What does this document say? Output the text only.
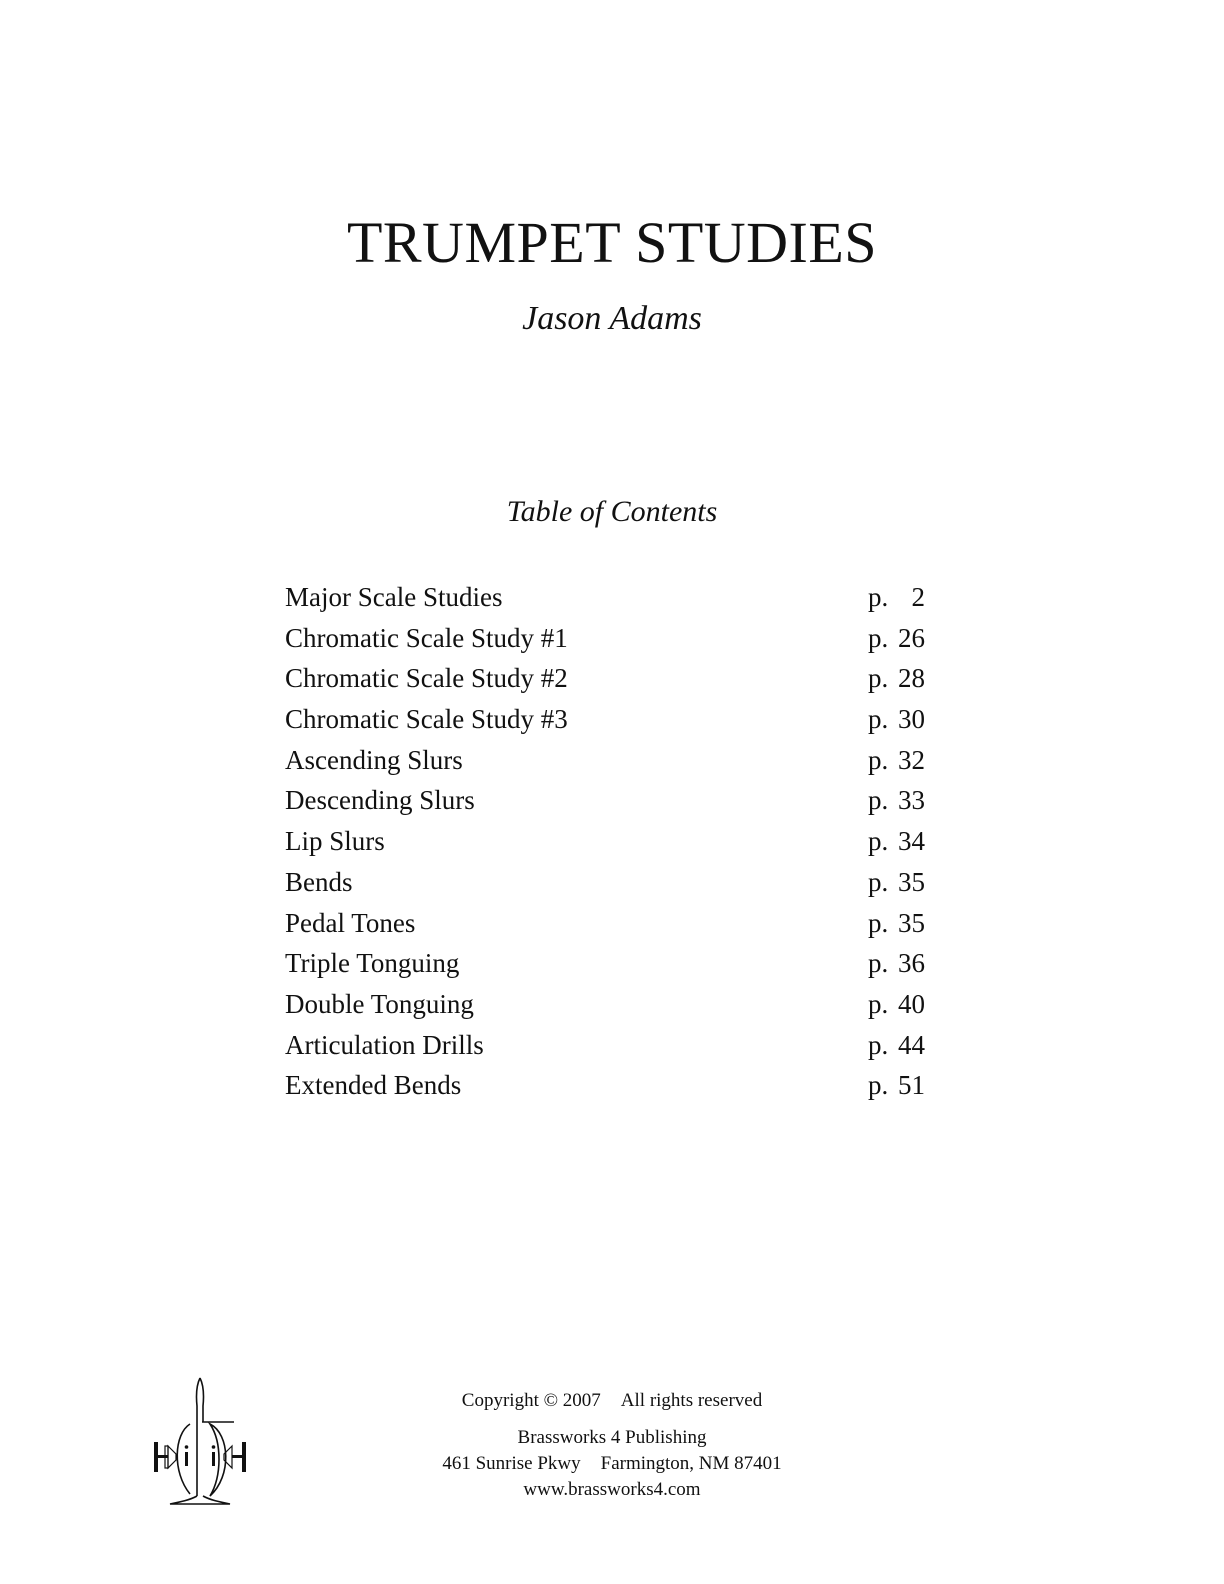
TRUMPET STUDIES
Jason Adams
Table of Contents
Major Scale Studies	p. 2
Chromatic Scale Study #1	p. 26
Chromatic Scale Study #2	p. 28
Chromatic Scale Study #3	p. 30
Ascending Slurs	p. 32
Descending Slurs	p. 33
Lip Slurs	p. 34
Bends	p. 35
Pedal Tones	p. 35
Triple Tonguing	p. 36
Double Tonguing	p. 40
Articulation Drills	p. 44
Extended Bends	p. 51
Copyright © 2007 All rights reserved
Brassworks 4 Publishing
461 Sunrise Pkwy Farmington, NM 87401
www.brassworks4.com
